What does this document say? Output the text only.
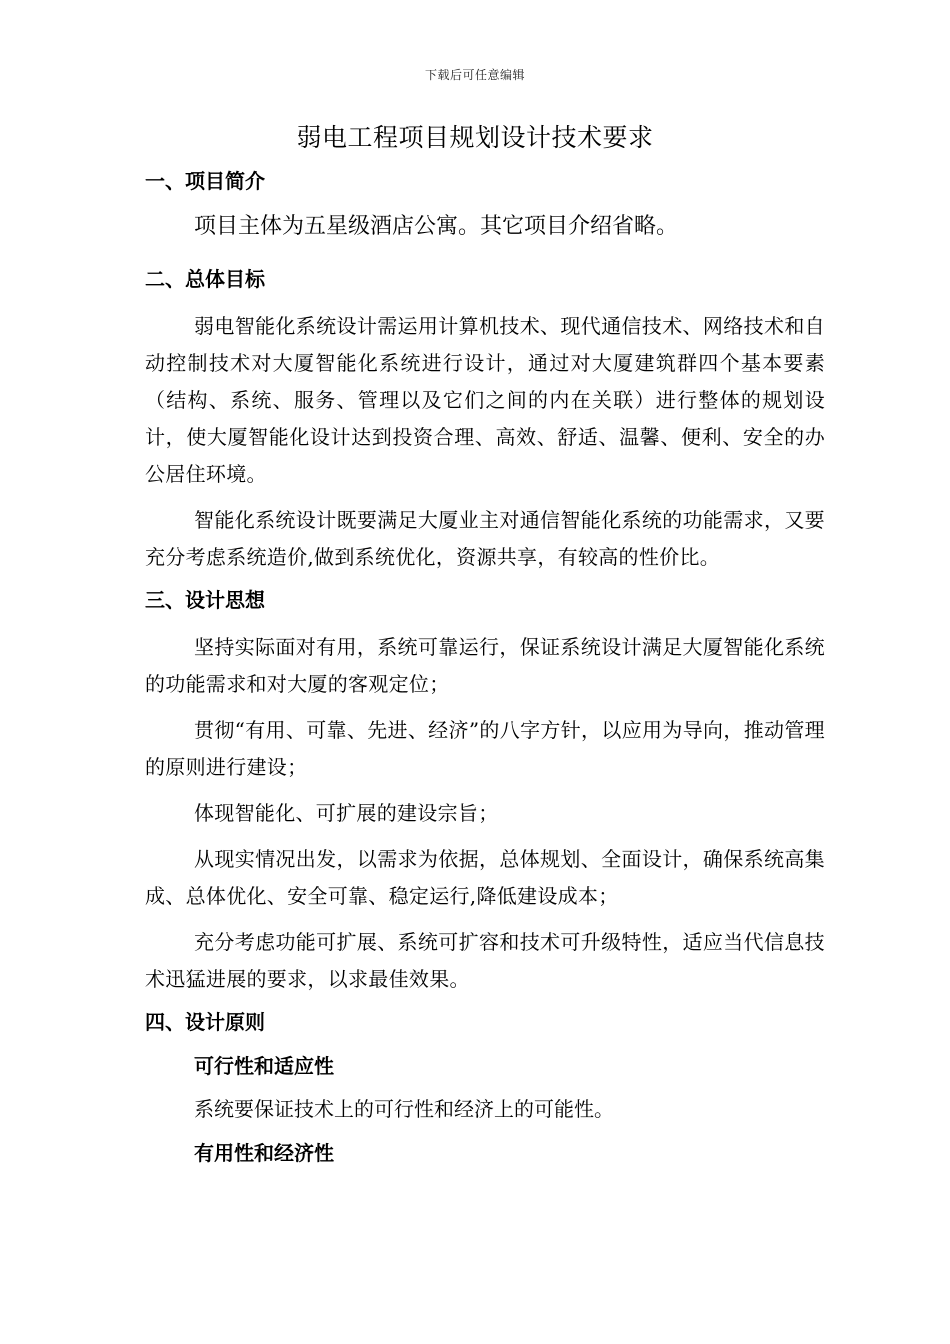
下载后可任意编辑
弱电工程项目规划设计技术要求
一、项目简介

项目主体为五星级酒店公寓。其它项目介绍省略。

二、总体目标

弱电智能化系统设计需运用计算机技术、现代通信技术、网络技术和自动控制技术对大厦智能化系统进行设计，通过对大厦建筑群四个基本要素（结构、系统、服务、管理以及它们之间的内在关联）进行整体的规划设计，使大厦智能化设计达到投资合理、高效、舒适、温馨、便利、安全的办公居住环境。

智能化系统设计既要满足大厦业主对通信智能化系统的功能需求，又要充分考虑系统造价,做到系统优化，资源共享，有较高的性价比。

三、设计思想

坚持实际面对有用，系统可靠运行，保证系统设计满足大厦智能化系统的功能需求和对大厦的客观定位；

贯彻“有用、可靠、先进、经济”的八字方针，以应用为导向，推动管理的原则进行建设；

体现智能化、可扩展的建设宗旨；

从现实情况出发，以需求为依据，总体规划、全面设计，确保系统高集成、总体优化、安全可靠、稳定运行,降低建设成本；

充分考虑功能可扩展、系统可扩容和技术可升级特性，适应当代信息技术迅猛进展的要求，以求最佳效果。

四、设计原则
可行性和适应性

系统要保证技术上的可行性和经济上的可能性。

有用性和经济性
